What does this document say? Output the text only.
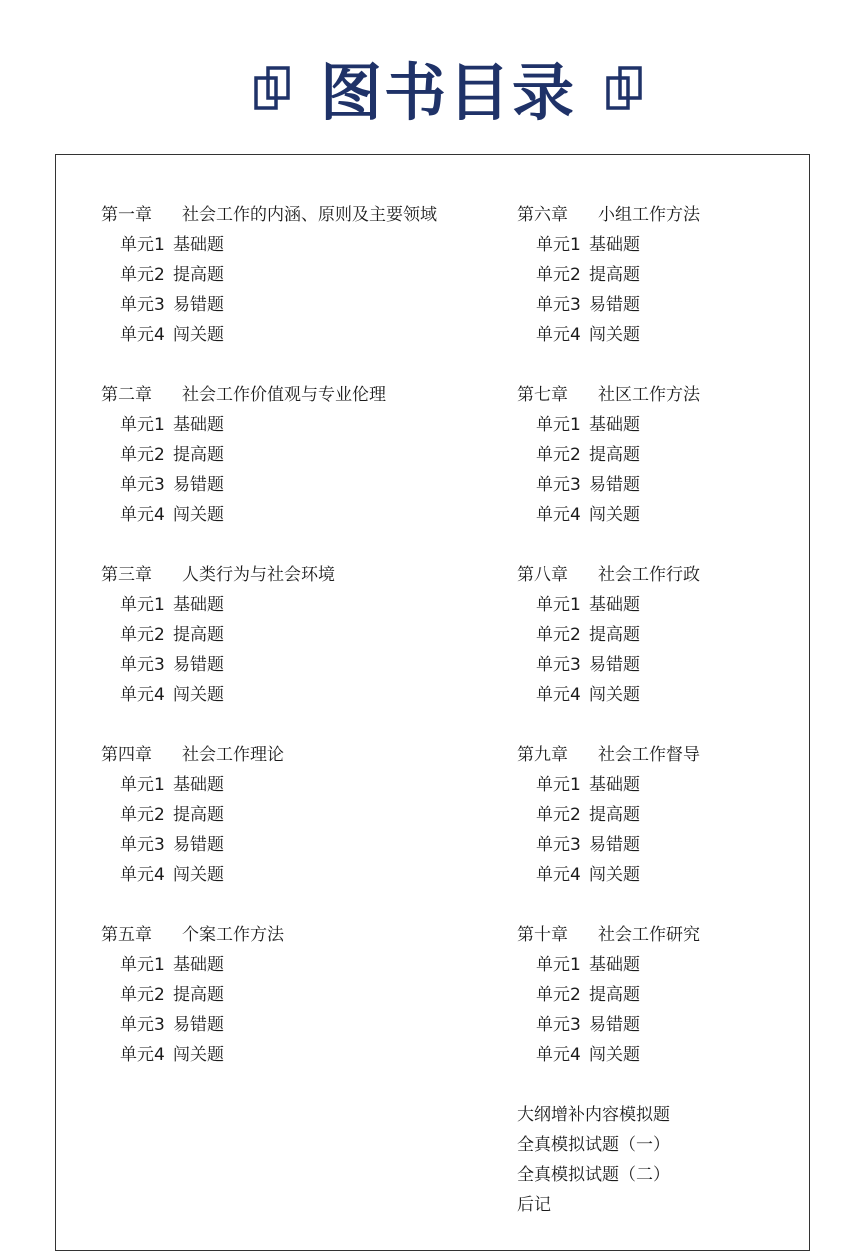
图书目录
第一章 社会工作的内涵、原则及主要领域
单元1 基础题
单元2 提高题
单元3 易错题
单元4 闯关题
第二章 社会工作价值观与专业伦理
单元1 基础题
单元2 提高题
单元3 易错题
单元4 闯关题
第三章 人类行为与社会环境
单元1 基础题
单元2 提高题
单元3 易错题
单元4 闯关题
第四章 社会工作理论
单元1 基础题
单元2 提高题
单元3 易错题
单元4 闯关题
第五章 个案工作方法
单元1 基础题
单元2 提高题
单元3 易错题
单元4 闯关题
第六章 小组工作方法
单元1 基础题
单元2 提高题
单元3 易错题
单元4 闯关题
第七章 社区工作方法
单元1 基础题
单元2 提高题
单元3 易错题
单元4 闯关题
第八章 社会工作行政
单元1 基础题
单元2 提高题
单元3 易错题
单元4 闯关题
第九章 社会工作督导
单元1 基础题
单元2 提高题
单元3 易错题
单元4 闯关题
第十章 社会工作研究
单元1 基础题
单元2 提高题
单元3 易错题
单元4 闯关题
大纲增补内容模拟题
全真模拟试题（一）
全真模拟试题（二）
后记
